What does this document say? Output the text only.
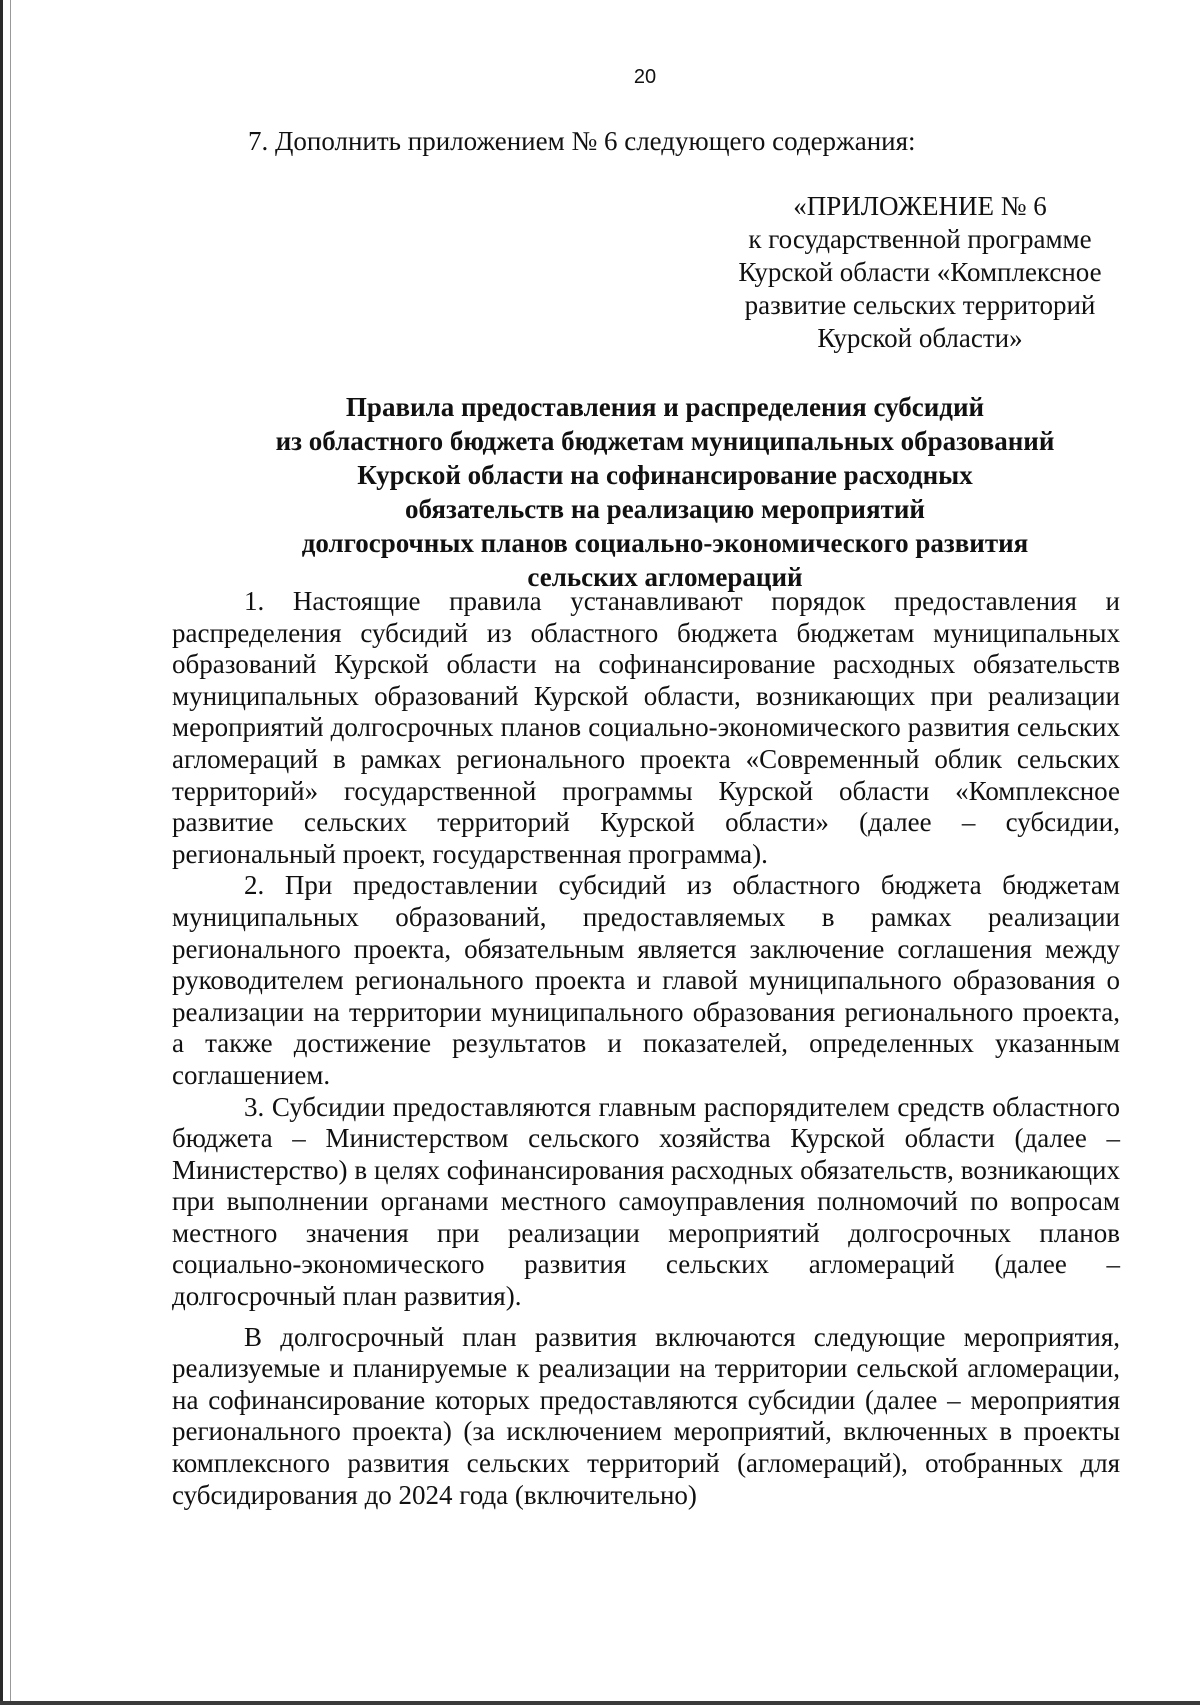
20
7. Дополнить приложением № 6 следующего содержания:
«ПРИЛОЖЕНИЕ № 6
к государственной программе
Курской области «Комплексное
развитие сельских территорий
Курской области»
Правила предоставления и распределения субсидий
из областного бюджета бюджетам муниципальных образований
Курской области на софинансирование расходных
обязательств на реализацию мероприятий
долгосрочных планов социально-экономического развития
сельских агломераций

1. Настоящие правила устанавливают порядок предоставления и распределения субсидий из областного бюджета бюджетам муниципальных образований Курской области на софинансирование расходных обязательств муниципальных образований Курской области, возникающих при реализации мероприятий долгосрочных планов социально-экономического развития сельских агломераций в рамках регионального проекта «Современный облик сельских территорий» государственной программы Курской области «Комплексное развитие сельских территорий Курской области» (далее – субсидии, региональный проект, государственная программа).

2. При предоставлении субсидий из областного бюджета бюджетам муниципальных образований, предоставляемых в рамках реализации регионального проекта, обязательным является заключение соглашения между руководителем регионального проекта и главой муниципального образования о реализации на территории муниципального образования регионального проекта, а также достижение результатов и показателей, определенных указанным соглашением.

3. Субсидии предоставляются главным распорядителем средств областного бюджета – Министерством сельского хозяйства Курской области (далее – Министерство) в целях софинансирования расходных обязательств, возникающих при выполнении органами местного самоуправления полномочий по вопросам местного значения при реализации мероприятий долгосрочных планов социально-экономического развития сельских агломераций (далее – долгосрочный план развития).

В долгосрочный план развития включаются следующие мероприятия, реализуемые и планируемые к реализации на территории сельской агломерации, на софинансирование которых предоставляются субсидии (далее – мероприятия регионального проекта) (за исключением мероприятий, включенных в проекты комплексного развития сельских территорий (агломераций), отобранных для субсидирования до 2024 года (включительно)
